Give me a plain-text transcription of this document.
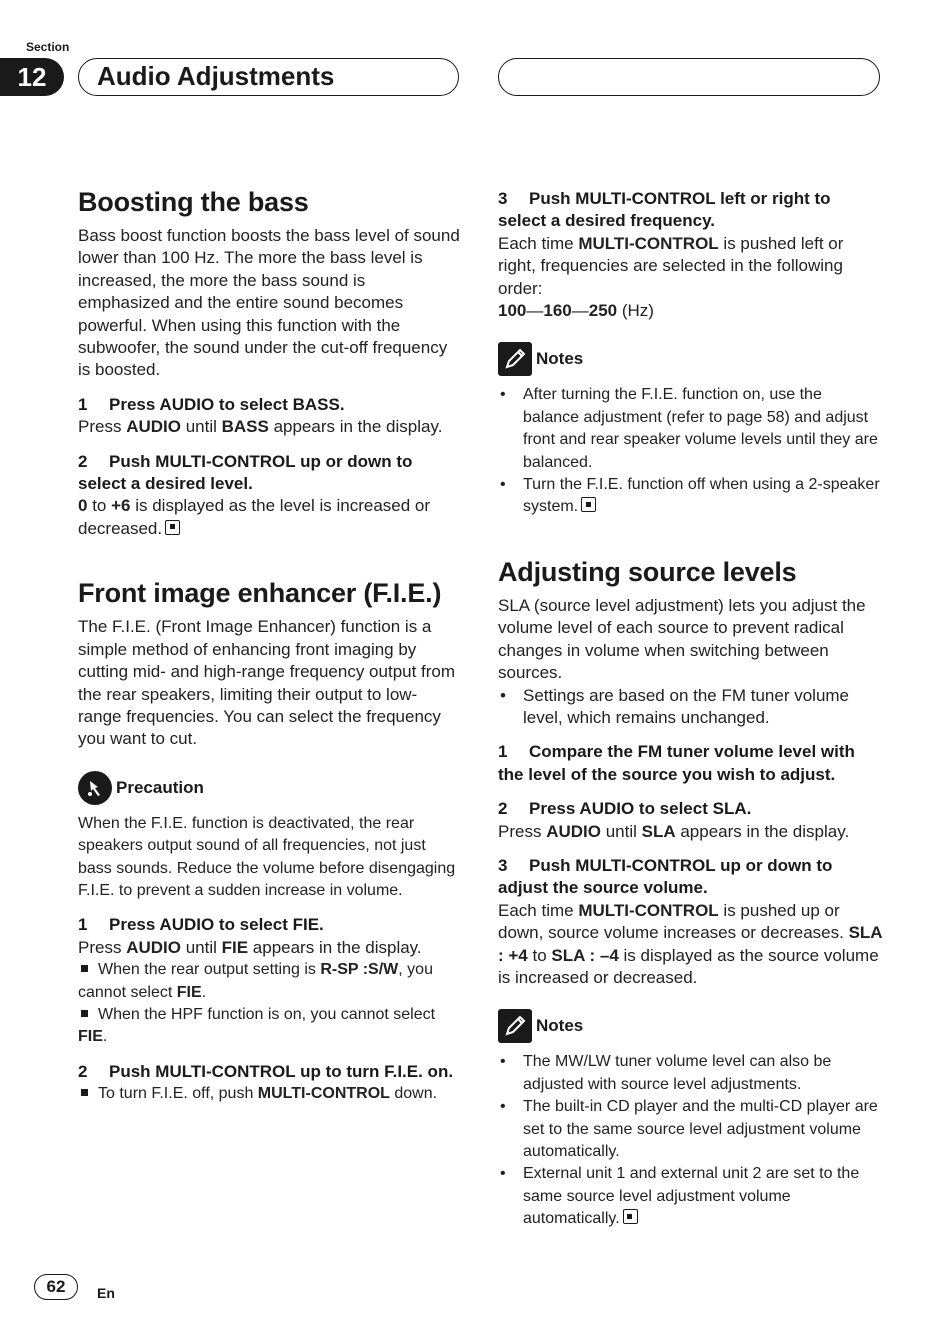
Section
12	Audio Adjustments
Boosting the bass

Bass boost function boosts the bass level of sound lower than 100 Hz. The more the bass level is increased, the more the bass sound is emphasized and the entire sound becomes powerful. When using this function with the subwoofer, the sound under the cut-off frequency is boosted.

1 Press AUDIO to select BASS.

Press AUDIO until BASS appears in the display.

2 Push MULTI-CONTROL up or down to select a desired level.

0 to +6 is displayed as the level is increased or decreased.

Front image enhancer (F.I.E.)

The F.I.E. (Front Image Enhancer) function is a simple method of enhancing front imaging by cutting mid- and high-range frequency output from the rear speakers, limiting their output to low-range frequencies. You can select the frequency you want to cut.

Precaution

When the F.I.E. function is deactivated, the rear speakers output sound of all frequencies, not just bass sounds. Reduce the volume before disengaging F.I.E. to prevent a sudden increase in volume.

1 Press AUDIO to select FIE.

Press AUDIO until FIE appears in the display.

When the rear output setting is R-SP :S/W, you cannot select FIE.

When the HPF function is on, you cannot select FIE.

2 Push MULTI-CONTROL up to turn F.I.E. on.

To turn F.I.E. off, push MULTI-CONTROL down.

3 Push MULTI-CONTROL left or right to select a desired frequency.

Each time MULTI-CONTROL is pushed left or right, frequencies are selected in the following order:

100—160—250 (Hz)

Notes
• After turning the F.I.E. function on, use the balance adjustment (refer to page 58) and adjust front and rear speaker volume levels until they are balanced.
• Turn the F.I.E. function off when using a 2-speaker system.
Adjusting source levels

SLA (source level adjustment) lets you adjust the volume level of each source to prevent radical changes in volume when switching between sources.

• Settings are based on the FM tuner volume level, which remains unchanged.
1 Compare the FM tuner volume level with the level of the source you wish to adjust.
2 Press AUDIO to select SLA.

Press AUDIO until SLA appears in the display.

3 Push MULTI-CONTROL up or down to adjust the source volume.

Each time MULTI-CONTROL is pushed up or down, source volume increases or decreases. SLA : +4 to SLA : –4 is displayed as the source volume is increased or decreased.

Notes
• The MW/LW tuner volume level can also be adjusted with source level adjustments.
• The built-in CD player and the multi-CD player are set to the same source level adjustment volume automatically.
• External unit 1 and external unit 2 are set to the same source level adjustment volume automatically.
62	En
